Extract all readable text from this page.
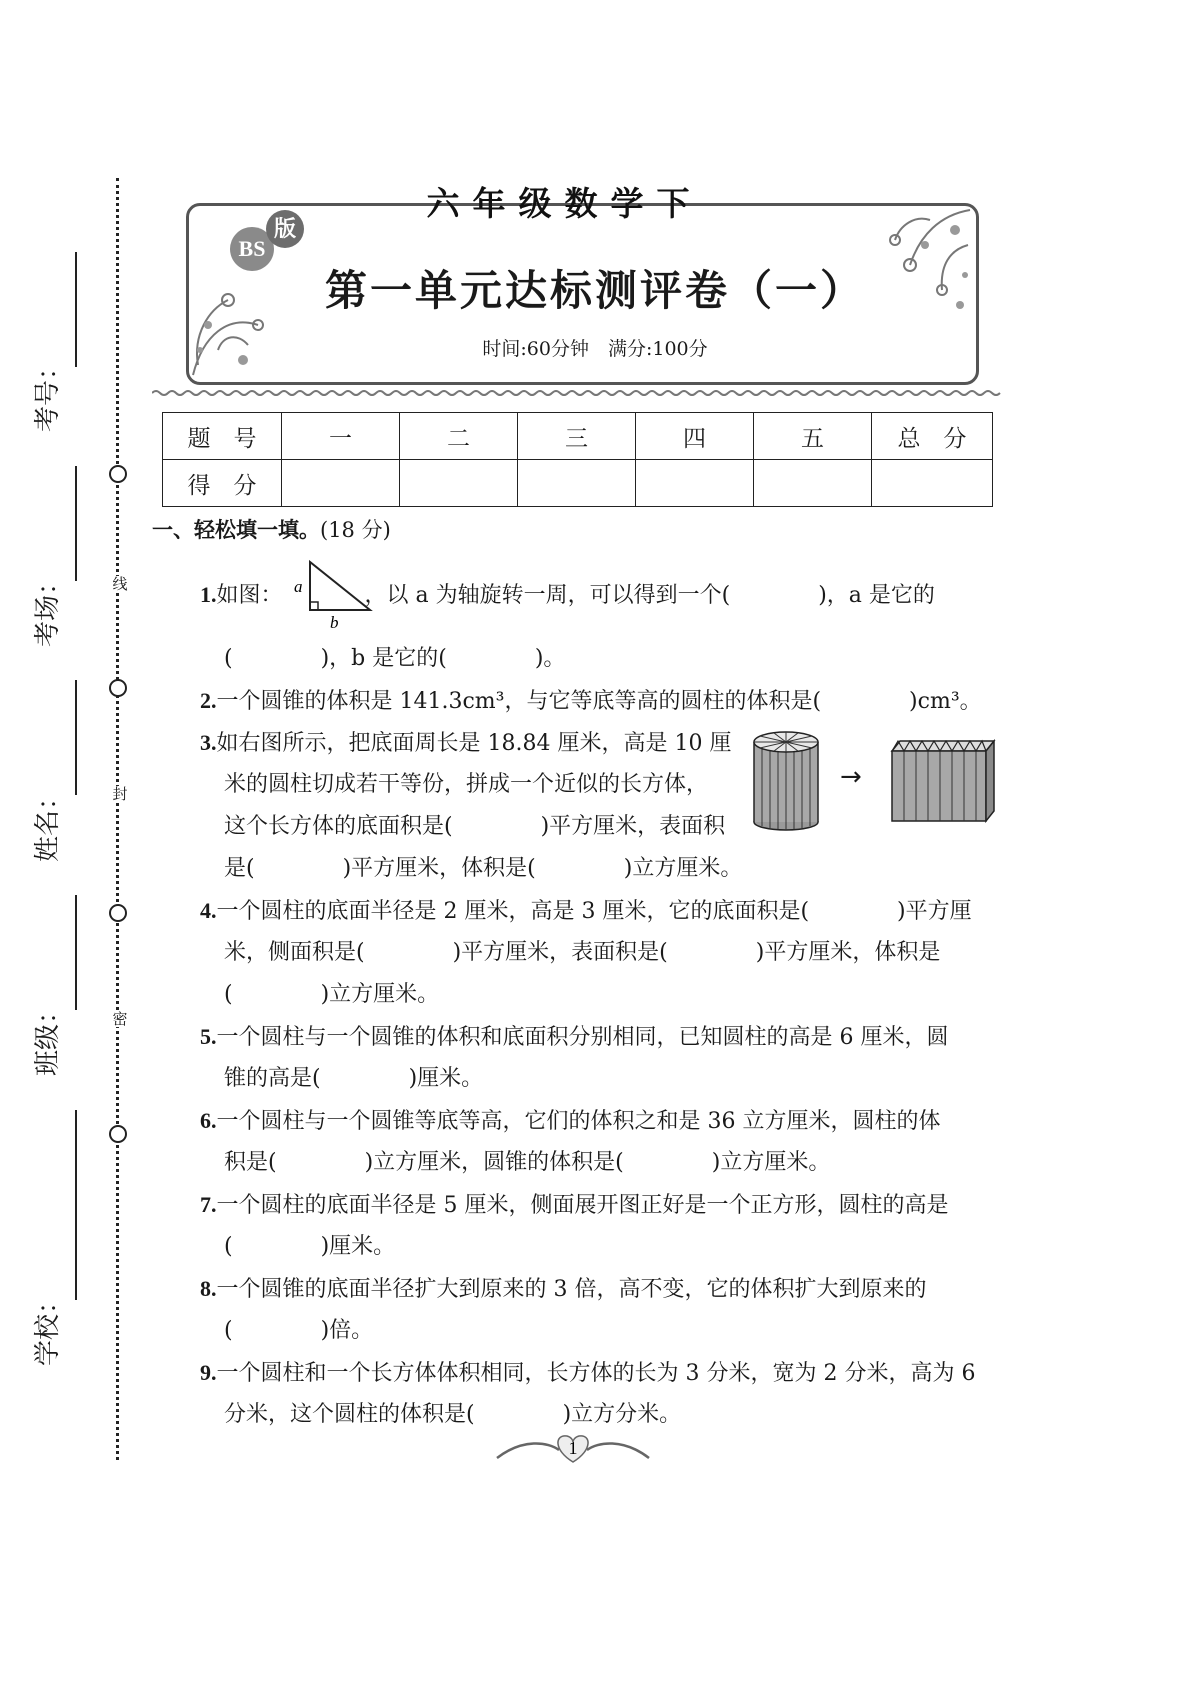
线
封
密
考号：
考场：
姓名：
班级：
学校：
六 年 级 数 学 下
BS
版
第一单元达标测评卷（一）
时间:60分钟　满分:100分
题　号	一	二	三	四	五	总　分
得　分						
一、轻松填一填。(18 分)
1.如图：	，以 a 为轴旋转一周，可以得到一个(　　　　)，a 是它的
a
b
(　　　　)，b 是它的(　　　　)。
2.一个圆锥的体积是 141.3cm³，与它等底等高的圆柱的体积是(　　　　)cm³。
3.如右图所示，把底面周长是 18.84 厘米，高是 10 厘
米的圆柱切成若干等份，拼成一个近似的长方体，
这个长方体的底面积是(　　　　)平方厘米，表面积
是(　　　　)平方厘米，体积是(　　　　)立方厘米。
→
4.一个圆柱的底面半径是 2 厘米，高是 3 厘米，它的底面积是(　　　　)平方厘
米，侧面积是(　　　　)平方厘米，表面积是(　　　　)平方厘米，体积是
(　　　　)立方厘米。
5.一个圆柱与一个圆锥的体积和底面积分别相同，已知圆柱的高是 6 厘米，圆
锥的高是(　　　　)厘米。
6.一个圆柱与一个圆锥等底等高，它们的体积之和是 36 立方厘米，圆柱的体
积是(　　　　)立方厘米，圆锥的体积是(　　　　)立方厘米。
7.一个圆柱的底面半径是 5 厘米，侧面展开图正好是一个正方形，圆柱的高是
(　　　　)厘米。
8.一个圆锥的底面半径扩大到原来的 3 倍，高不变，它的体积扩大到原来的
(　　　　)倍。
9.一个圆柱和一个长方体体积相同，长方体的长为 3 分米，宽为 2 分米，高为 6
分米，这个圆柱的体积是(　　　　)立方分米。
1
